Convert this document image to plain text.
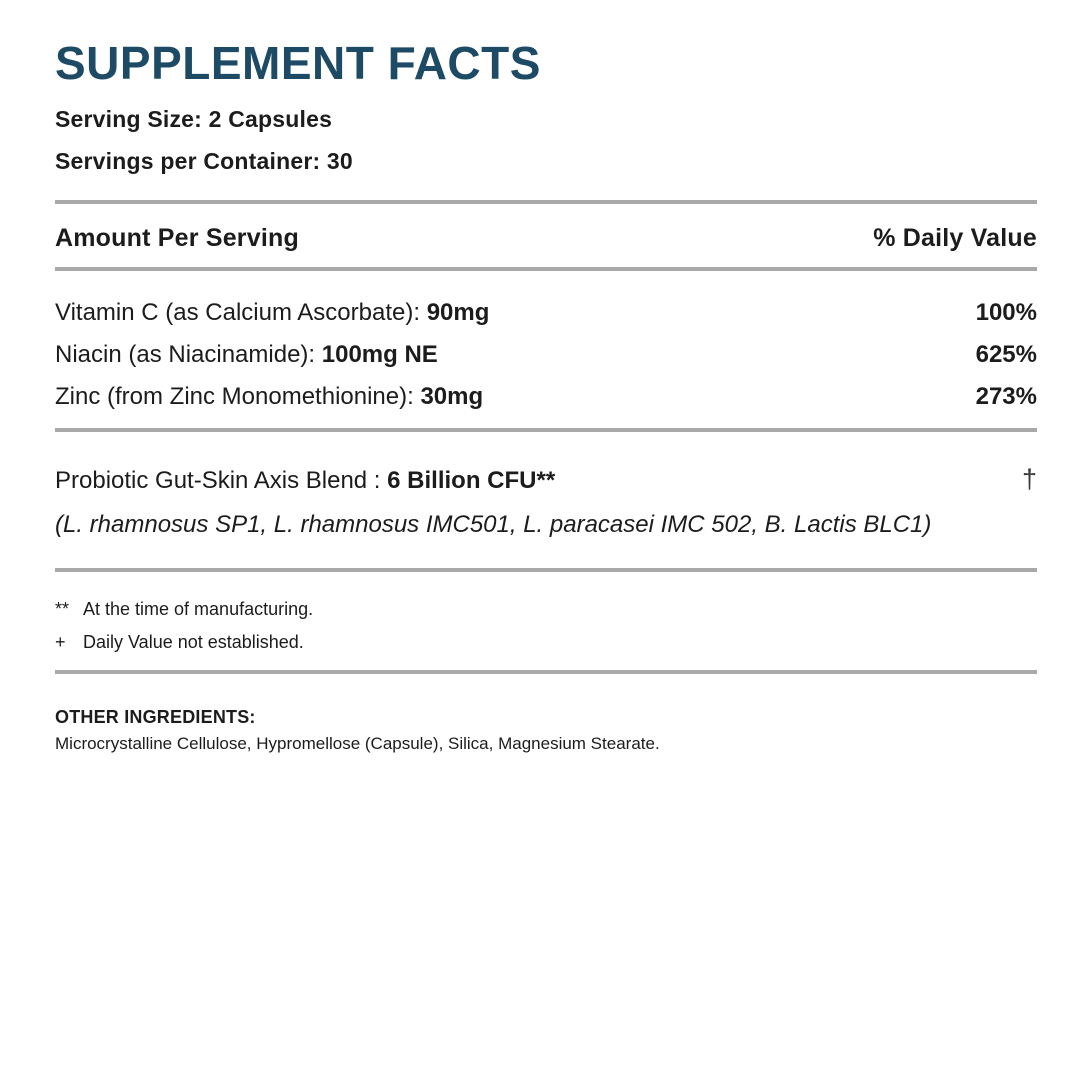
SUPPLEMENT FACTS
Serving Size: 2 Capsules
Servings per Container: 30
Amount Per Serving	% Daily Value
Vitamin C (as Calcium Ascorbate): 90mg	100%
Niacin (as Niacinamide): 100mg NE	625%
Zinc (from Zinc Monomethionine): 30mg	273%
Probiotic Gut-Skin Axis Blend : 6 Billion CFU**	†
(L. rhamnosus SP1, L. rhamnosus IMC501, L. paracasei IMC 502, B. Lactis BLC1)
** At the time of manufacturing.
+ Daily Value not established.
OTHER INGREDIENTS:
Microcrystalline Cellulose, Hypromellose (Capsule), Silica, Magnesium Stearate.
